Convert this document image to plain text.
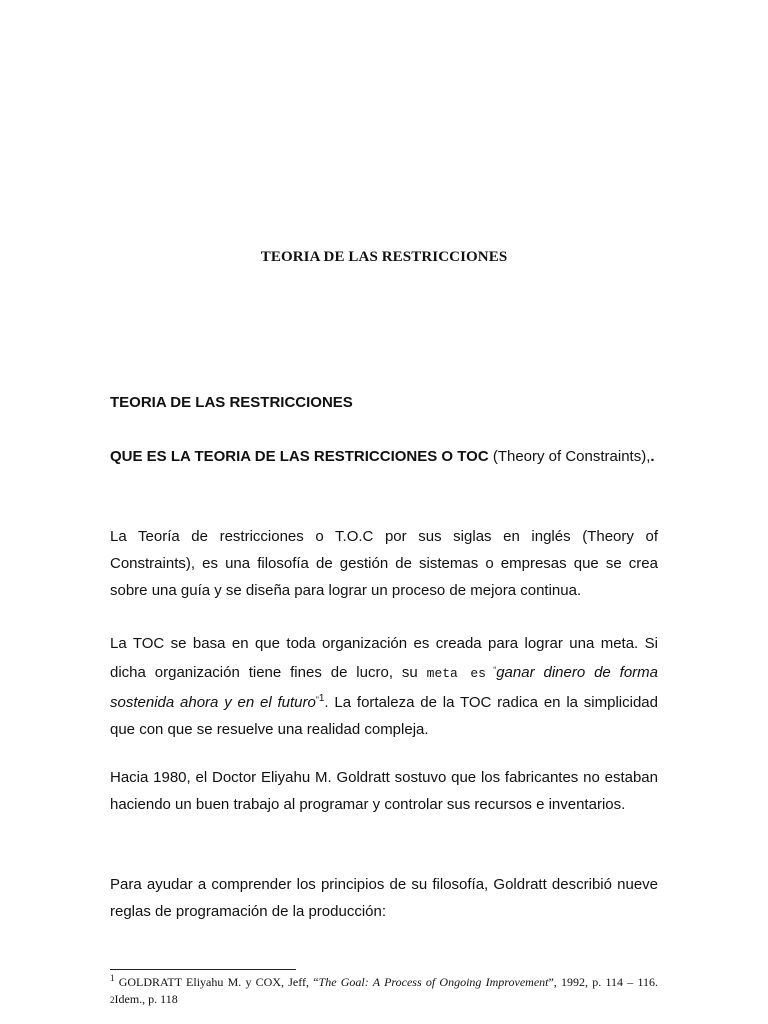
TEORIA DE LAS RESTRICCIONES
TEORIA DE LAS RESTRICCIONES
QUE ES LA TEORIA DE LAS RESTRICCIONES O TOC (Theory of Constraints),.
La Teoría de restricciones o T.O.C por sus siglas en inglés (Theory of Constraints), es una filosofía de gestión de sistemas o empresas que se crea sobre una guía y se diseña para lograr un proceso de mejora continua.
La TOC se basa en que toda organización es creada para lograr una meta. Si dicha organización tiene fines de lucro, su meta es “ganar dinero de forma sostenida ahora y en el futuro$^{”1}$. La fortaleza de la TOC radica en la simplicidad que con que se resuelve una realidad compleja.
Hacia 1980, el Doctor Eliyahu M. Goldratt sostuvo que los fabricantes no estaban haciendo un buen trabajo al programar y controlar sus recursos e inventarios.
Para ayudar a comprender los principios de su filosofía, Goldratt describió nueve reglas de programación de la producción:
$^1$ GOLDRATT Eliyahu M. y COX, Jeff, “The Goal: A Process of Ongoing Improvement”, 1992, p. 114 – 116. 2Idem., p. 118
